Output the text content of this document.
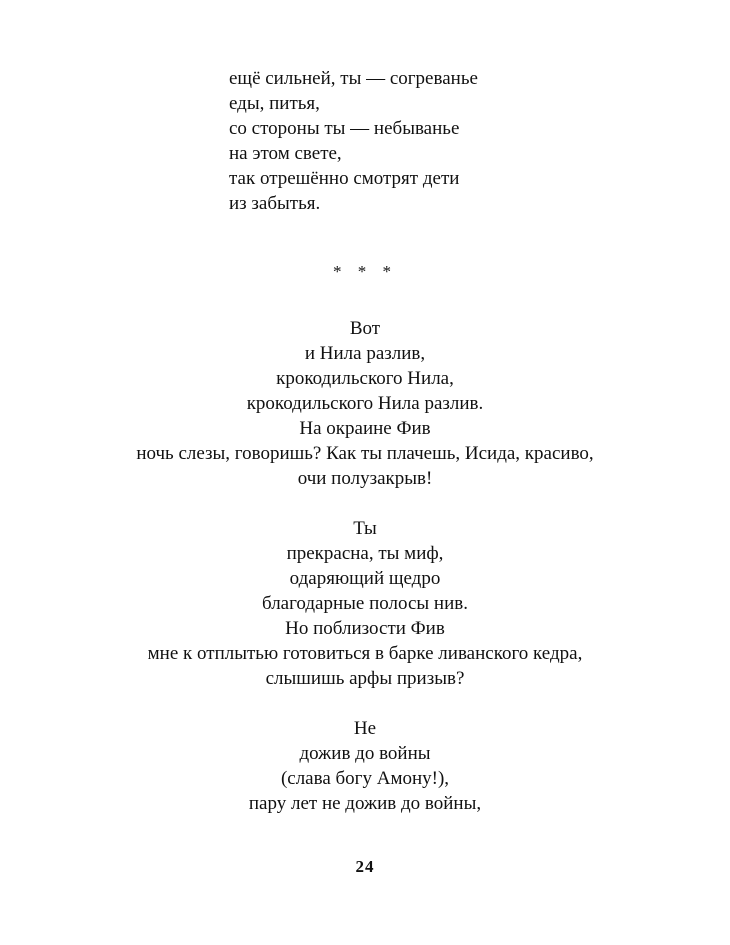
ещё сильней, ты — согреванье
еды, питья,
со стороны ты — небыванье
на этом свете,
так отрешённо смотрят дети
из забытья.
* * *
Вот
и Нила разлив,
крокодильского Нила,
крокодильского Нила разлив.
На окраине Фив
ночь слезы, говоришь? Как ты плачешь, Исида, красиво,
очи полузакрыв!
Ты
прекрасна, ты миф,
одаряющий щедро
благодарные полосы нив.
Но поблизости Фив
мне к отплытью готовиться в барке ливанского кедра,
слышишь арфы призыв?
Не
дожив до войны
(слава богу Амону!),
пару лет не дожив до войны,
24
